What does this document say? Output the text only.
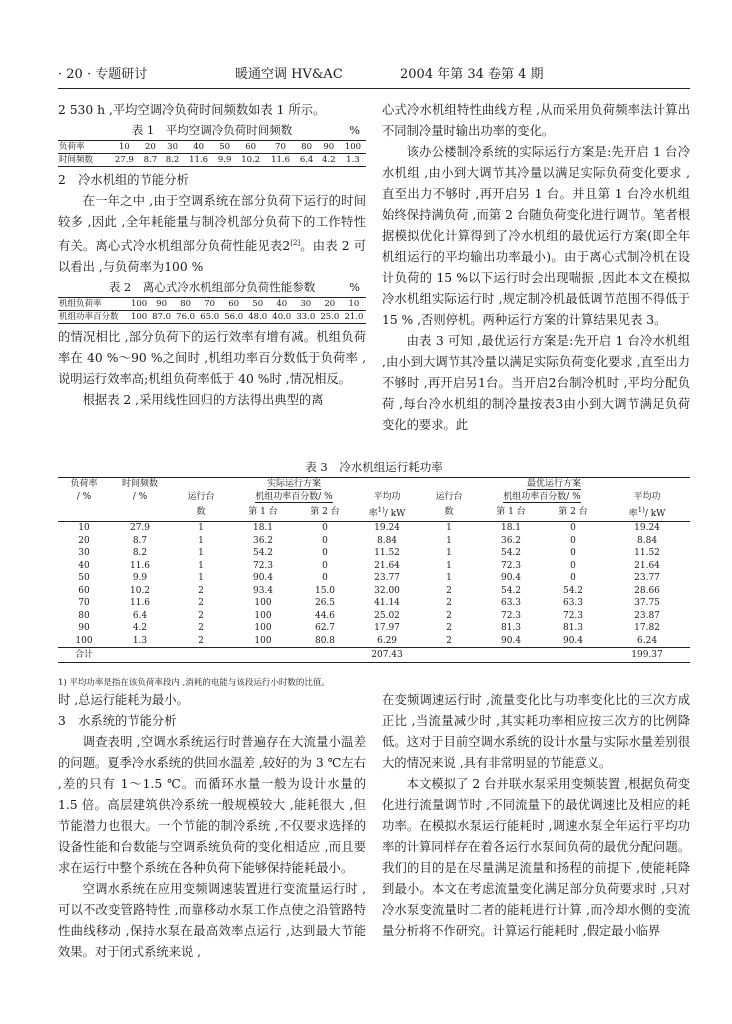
· 20 · 专题研讨	暖通空调 HV&AC	2004 年第 34 卷第 4 期
2 530 h ,平均空调冷负荷时间频数如表 1 所示。
表 1　平均空调冷负荷时间频数	%
负荷率	10	20	30	40	50	60	70	80	90	100
时间频数	27.9	8.7	8.2	11.6	9.9	10.2	11.6	6.4	4.2	1.3
2　冷水机组的节能分析
在一年之中 ,由于空调系统在部分负荷下运行的时间较多 ,因此 ,全年耗能量与制冷机部分负荷下的工作特性有关。离心式冷水机组部分负荷性能见表2[2]。由表 2 可以看出 ,与负荷率为100 %
表 2　离心式冷水机组部分负荷性能参数	%
机组负荷率	100	90	80	70	60	50	40	30	20	10
机组功率百分数	100	87.0	76.0	65.0	56.0	48.0	40.0	33.0	25.0	21.0
的情况相比 ,部分负荷下的运行效率有增有减。机组负荷率在 40 %～90 %之间时 ,机组功率百分数低于负荷率 ,说明运行效率高;机组负荷率低于 40 %时 ,情况相反。
根据表 2 ,采用线性回归的方法得出典型的离
心式冷水机组特性曲线方程 ,从而采用负荷频率法计算出不同制冷量时输出功率的变化。
该办公楼制冷系统的实际运行方案是:先开启 1 台冷水机组 ,由小到大调节其冷量以满足实际负荷变化要求 ,直至出力不够时 ,再开启另 1 台。并且第 1 台冷水机组始终保持满负荷 ,而第 2 台随负荷变化进行调节。笔者根据模拟优化计算得到了冷水机组的最优运行方案(即全年机组运行的平均输出功率最小)。由于离心式制冷机在设计负荷的 15 %以下运行时会出现喘振 ,因此本文在模拟冷水机组实际运行时 ,规定制冷机最低调节范围不得低于15 % ,否则停机。两种运行方案的计算结果见表 3。
由表 3 可知 ,最优运行方案是:先开启 1 台冷水机组 ,由小到大调节其冷量以满足实际负荷变化要求 ,直至出力不够时 ,再开启另1台。当开启2台制冷机时 ,平均分配负荷 ,每台冷水机组的制冷量按表3由小到大调节满足负荷变化的要求。此
表 3　冷水机组运行耗功率
负荷率	时间频数	实际运行方案				最优运行方案			
/ %	/ %	运行台	机组功率百分数/ %		平均功	运行台	机组功率百分数/ %		平均功
		数	第 1 台	第 2 台	率$^{1)}$/ kW	数	第 1 台	第 2 台	率$^{1)}$/ kW
10	27.9	1	18.1	0	19.24	1	18.1	0	19.24
20	8.7	1	36.2	0	8.84	1	36.2	0	8.84
30	8.2	1	54.2	0	11.52	1	54.2	0	11.52
40	11.6	1	72.3	0	21.64	1	72.3	0	21.64
50	9.9	1	90.4	0	23.77	1	90.4	0	23.77
60	10.2	2	93.4	15.0	32.00	2	54.2	54.2	28.66
70	11.6	2	100	26.5	41.14	2	63.3	63.3	37.75
80	6.4	2	100	44.6	25.02	2	72.3	72.3	23.87
90	4.2	2	100	62.7	17.97	2	81.3	81.3	17.82
100	1.3	2	100	80.8	6.29	2	90.4	90.4	6.24
合计					207.43				199.37
1) 平均功率是指在该负荷率段内 ,消耗的电能与该段运行小时数的比值。
时 ,总运行能耗为最小。
3　水系统的节能分析
调查表明 ,空调水系统运行时普遍存在大流量小温差的问题。夏季冷水系统的供回水温差 ,较好的为 3 ℃左右 ,差的只有 1～1.5 ℃。而循环水量一般为设计水量的 1.5 倍。高层建筑供冷系统一般规模较大 ,能耗很大 ,但节能潜力也很大。一个节能的制冷系统 ,不仅要求选择的设备性能和台数能与空调系统负荷的变化相适应 ,而且要求在运行中整个系统在各种负荷下能够保持能耗最小。
空调水系统在应用变频调速装置进行变流量运行时 ,可以不改变管路特性 ,而靠移动水泵工作点使之沿管路特性曲线移动 ,保持水泵在最高效率点运行 ,达到最大节能效果。对于闭式系统来说 ,
在变频调速运行时 ,流量变化比与功率变化比的三次方成正比 ,当流量减少时 ,其实耗功率相应按三次方的比例降低。这对于目前空调水系统的设计水量与实际水量差别很大的情况来说 ,具有非常明显的节能意义。
本文模拟了 2 台并联水泵采用变频装置 ,根据负荷变化进行流量调节时 ,不同流量下的最优调速比及相应的耗功率。在模拟水泵运行能耗时 ,调速水泵全年运行平均功率的计算同样存在着各运行水泵间负荷的最优分配问题。我们的目的是在尽量满足流量和扬程的前提下 ,使能耗降到最小。本文在考虑流量变化满足部分负荷要求时 ,只对冷水泵变流量时二者的能耗进行计算 ,而冷却水侧的变流量分析将不作研究。计算运行能耗时 ,假定最小临界
